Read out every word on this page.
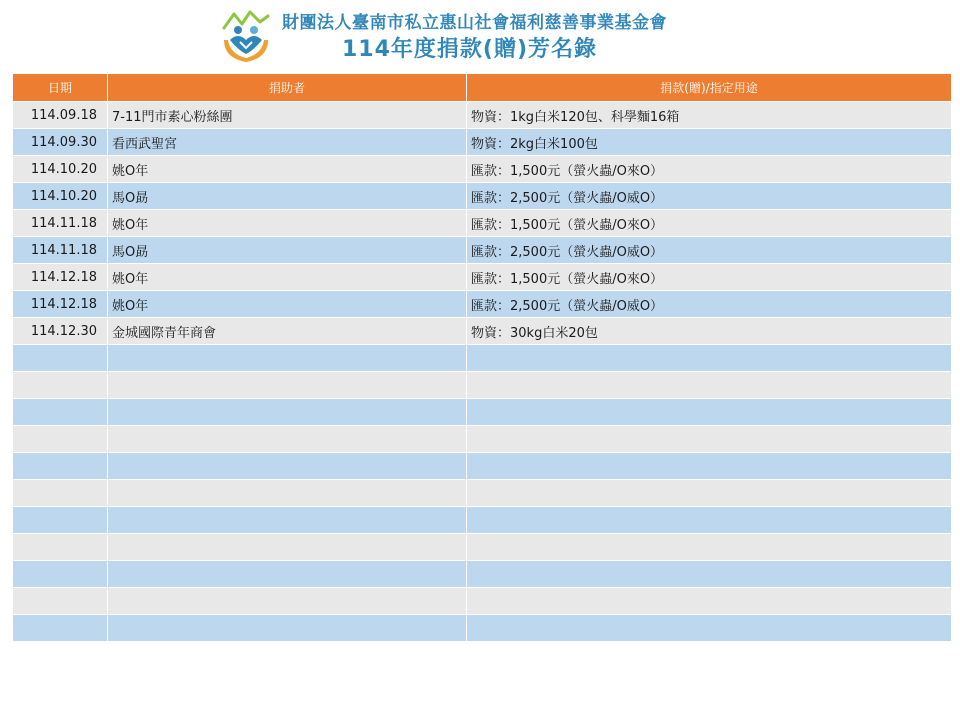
財團法人臺南市私立惠山社會福利慈善事業基金會
114年度捐款(贈)芳名錄
日期	捐助者	捐款(贈)/指定用途
114.09.18	7-11門市素心粉絲團	物資：1kg白米120包、科學麵16箱
114.09.30	看西武聖宮	物資：2kg白米100包
114.10.20	姚O年	匯款：1,500元（螢火蟲/O來O）
114.10.20	馬O勗	匯款：2,500元（螢火蟲/O威O）
114.11.18	姚O年	匯款：1,500元（螢火蟲/O來O）
114.11.18	馬O勗	匯款：2,500元（螢火蟲/O威O）
114.12.18	姚O年	匯款：1,500元（螢火蟲/O來O）
114.12.18	姚O年	匯款：2,500元（螢火蟲/O威O）
114.12.30	金城國際青年商會	物資：30kg白米20包
